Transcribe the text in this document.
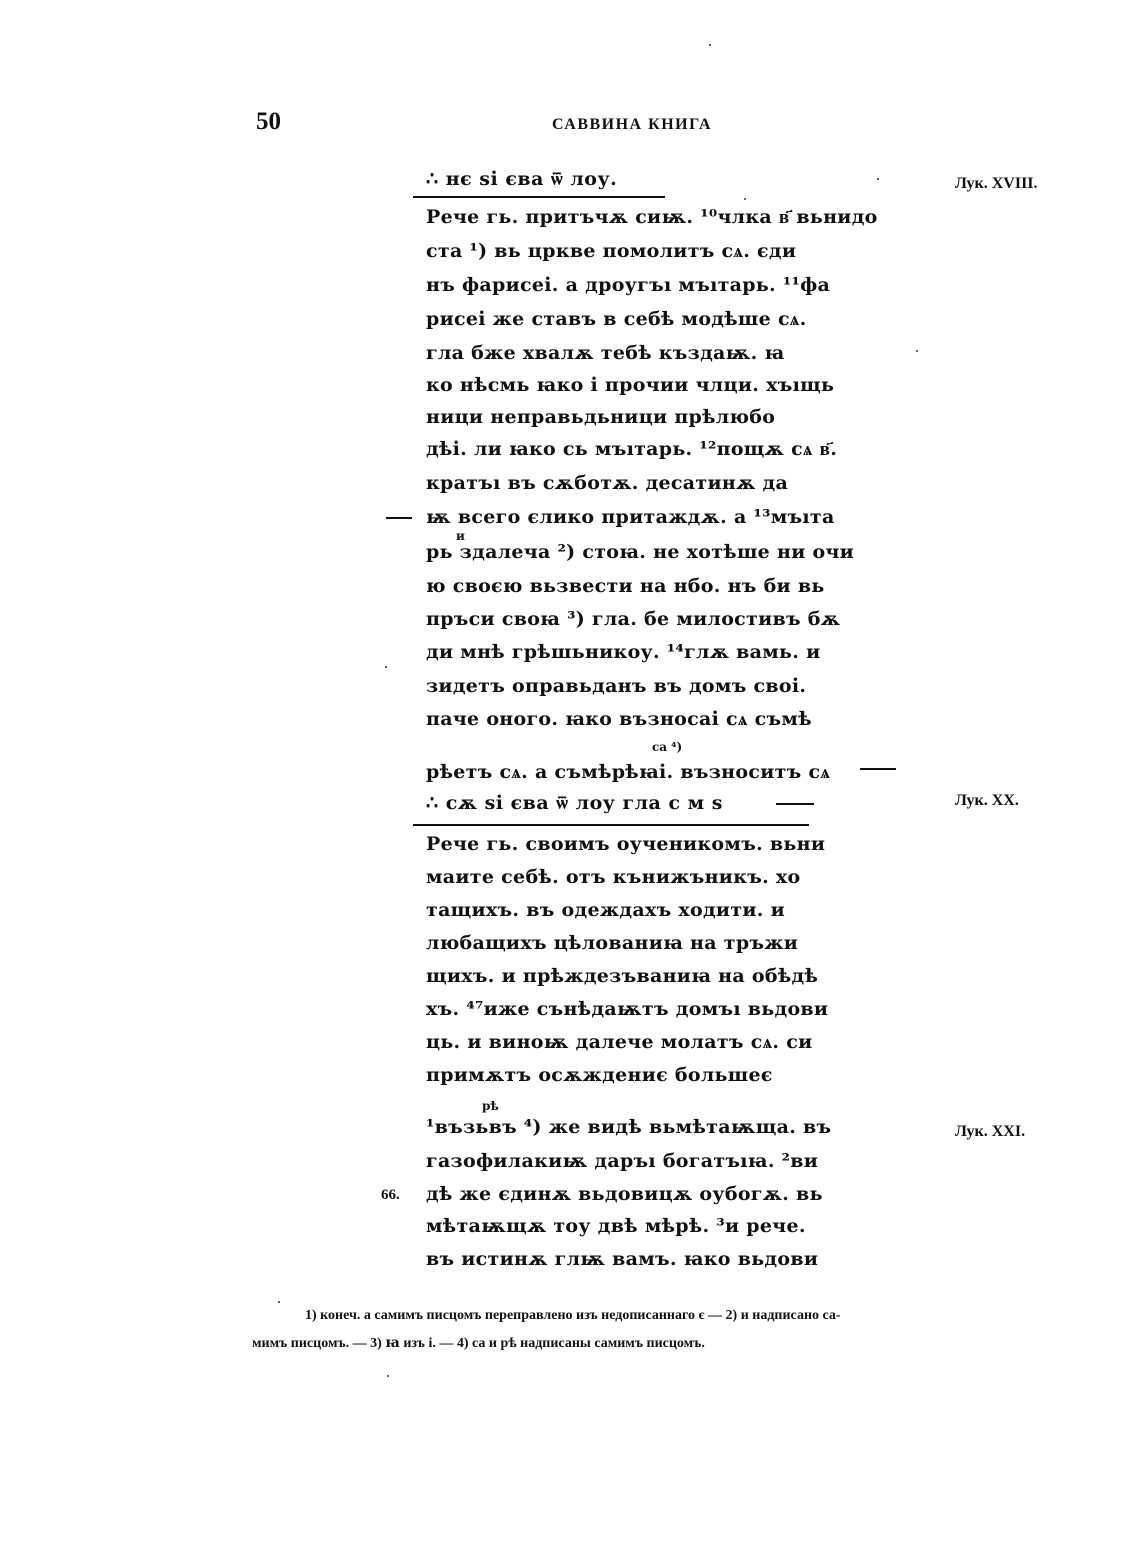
50	САВВИНА КНИГА
∴ нє ѕі єва ѿ лоу.	Лук. XVIII.
Рече гь. притъчѫ сиѭ. ¹⁰члка в҃ вьнидо
ста ¹) вь цркве помолитъ сѧ. єди
нъ фарисеі. а дроугъı мъıтарь. ¹¹фа
рисеі же ставъ в себѣ модѣше сѧ.
гла бже хвалѫ тебѣ къздаѭ. ꙗ
ко нѣсмь ꙗко і прочии члци. хъıщь
ници неправьдьници прѣлюбо
дѣі. ли ꙗко сь мъıтарь. ¹²пощѫ сѧ в҃.
кратъı въ сѫботѫ. десатинѫ да
ѭ всего єлико притаждѫ. а ¹³мъıта
и
рь здалеча ²) стоꙗ. не хотѣше ни очи
ю своєю вьзвести на нбо. нъ би вь
пръси своꙗ ³) гла. бе милостивъ бѫ
ди мнѣ грѣшьникоу. ¹⁴глѫ вамь. и
зидетъ оправьданъ въ домъ своі.
паче оного. ꙗко възносаі сѧ съмѣ
са ⁴)
рѣетъ сѧ. а съмѣрѣꙗі. възноситъ сѧ
∴ сѫ ѕі єва ѿ лоу гла с м ѕ	Лук. XX.
Рече гь. своимъ оученикомъ. вьни
маите себѣ. отъ кънижъникъ. хо
тащихъ. въ одеждахъ ходити. и
любащихъ цѣлованиꙗ на тръжи
щихъ. и прѣждезъваниꙗ на обѣдѣ
хъ. ⁴⁷иже сънѣдаѭтъ домъı вьдови
ць. и виноѭ далече молатъ сѧ. си
примѫтъ осѫждениє большеє
рѣ
¹възьвъ ⁴) же видѣ вьмѣтаѭща. въ	Лук. XXI.
газофилакиѭ даръı богатъıꙗ. ²ви
66. дѣ же єдинѫ вьдовицѫ оубогѫ. вь
мѣтаѭщѫ тоу двѣ мѣрѣ. ³и рече.
въ истинѫ глѭ вамъ. ꙗко вьдови
1) конеч. а самимъ писцомъ переправлено изъ недописаннаго є — 2) и надписано са-
мимъ писцомъ. — 3) ꙗ изъ і. — 4) са и рѣ надписаны самимъ писцомъ.
